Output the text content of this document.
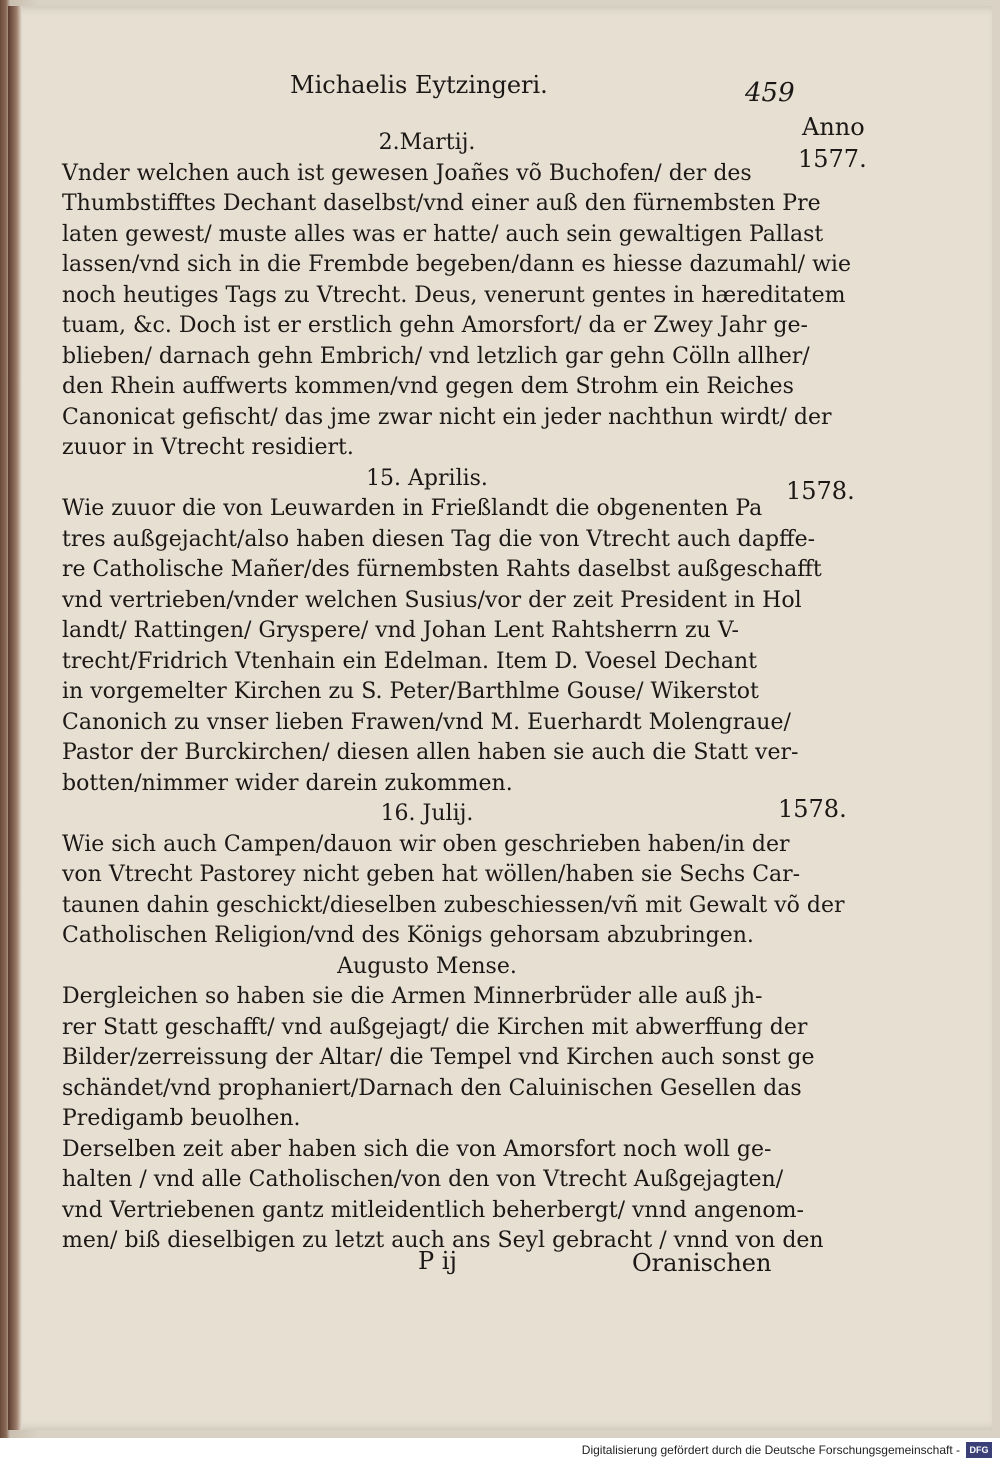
Michaelis Eytzingeri.	459
Anno
1577.
1578.
1578.
2.Martij.
Vnder welchen auch ist gewesen Joañes võ Buchofen/ der des
Thumbstifftes Dechant daselbst/vnd einer auß den fürnembsten Pre
laten gewest/ muste alles was er hatte/ auch sein gewaltigen Pallast
lassen/vnd sich in die Frembde begeben/dann es hiesse dazumahl/ wie
noch heutiges Tags zu Vtrecht. Deus, venerunt gentes in hæreditatem
tuam, &c. Doch ist er erstlich gehn Amorsfort/ da er Zwey Jahr ge-
blieben/ darnach gehn Embrich/ vnd letzlich gar gehn Cölln allher/
den Rhein auffwerts kommen/vnd gegen dem Strohm ein Reiches
Canonicat gefischt/ das jme zwar nicht ein jeder nachthun wirdt/ der
zuuor in Vtrecht residiert.
15. Aprilis.
Wie zuuor die von Leuwarden in Frießlandt die obgenenten Pa
tres außgejacht/also haben diesen Tag die von Vtrecht auch dapffe-
re Catholische Mañer/des fürnembsten Rahts daselbst außgeschafft
vnd vertrieben/vnder welchen Susius/vor der zeit President in Hol
landt/ Rattingen/ Gryspere/ vnd Johan Lent Rahtsherrn zu V-
trecht/Fridrich Vtenhain ein Edelman. Item D. Voesel Dechant
in vorgemelter Kirchen zu S. Peter/Barthlme Gouse/ Wikerstot
Canonich zu vnser lieben Frawen/vnd M. Euerhardt Molengraue/
Pastor der Burckirchen/ diesen allen haben sie auch die Statt ver-
botten/nimmer wider darein zukommen.
16. Julij.
Wie sich auch Campen/dauon wir oben geschrieben haben/in der
von Vtrecht Pastorey nicht geben hat wöllen/haben sie Sechs Car-
taunen dahin geschickt/dieselben zubeschiessen/vñ mit Gewalt võ der
Catholischen Religion/vnd des Königs gehorsam abzubringen.
Augusto Mense.
Dergleichen so haben sie die Armen Minnerbrüder alle auß jh-
rer Statt geschafft/ vnd außgejagt/ die Kirchen mit abwerffung der
Bilder/zerreissung der Altar/ die Tempel vnd Kirchen auch sonst ge
schändet/vnd prophaniert/Darnach den Caluinischen Gesellen das
Predigamb beuolhen.
Derselben zeit aber haben sich die von Amorsfort noch woll ge-
halten / vnd alle Catholischen/von den von Vtrecht Außgejagten/
vnd Vertriebenen gantz mitleidentlich beherbergt/ vnnd angenom-
men/ biß dieselbigen zu letzt auch ans Seyl gebracht / vnnd von den
P ij	Oranischen
Digitalisierung gefördert durch die Deutsche Forschungsgemeinschaft -	DFG
